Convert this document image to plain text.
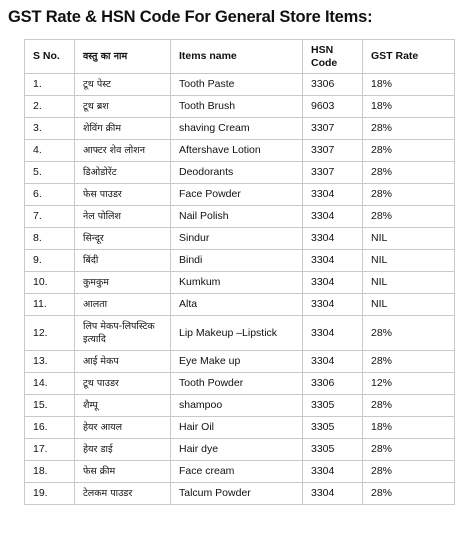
GST Rate & HSN Code For General Store Items:
S No.	वस्तु का नाम	Items name	HSN Code	GST Rate
1.	टूथ पेस्ट	Tooth Paste	3306	18%
2.	टूथ ब्रश	Tooth Brush	9603	18%
3.	शेविंग क्रीम	shaving Cream	3307	28%
4.	आफ्टर शेव लोशन	Aftershave Lotion	3307	28%
5.	डिओडोरेंट	Deodorants	3307	28%
6.	फेस पाउडर	Face Powder	3304	28%
7.	नेल पोलिश	Nail Polish	3304	28%
8.	सिन्दूर	Sindur	3304	NIL
9.	बिंदी	Bindi	3304	NIL
10.	कुमकुम	Kumkum	3304	NIL
11.	आलता	Alta	3304	NIL
12.	लिप मेकप-लिपस्टिक इत्यादि	Lip Makeup –Lipstick	3304	28%
13.	आई मेकप	Eye Make up	3304	28%
14.	टूथ पाउडर	Tooth Powder	3306	12%
15.	शैम्पू	shampoo	3305	28%
16.	हेयर आयल	Hair Oil	3305	18%
17.	हेयर डाई	Hair dye	3305	28%
18.	फेस क्रीम	Face cream	3304	28%
19.	टेलकम पाउडर	Talcum Powder	3304	28%
